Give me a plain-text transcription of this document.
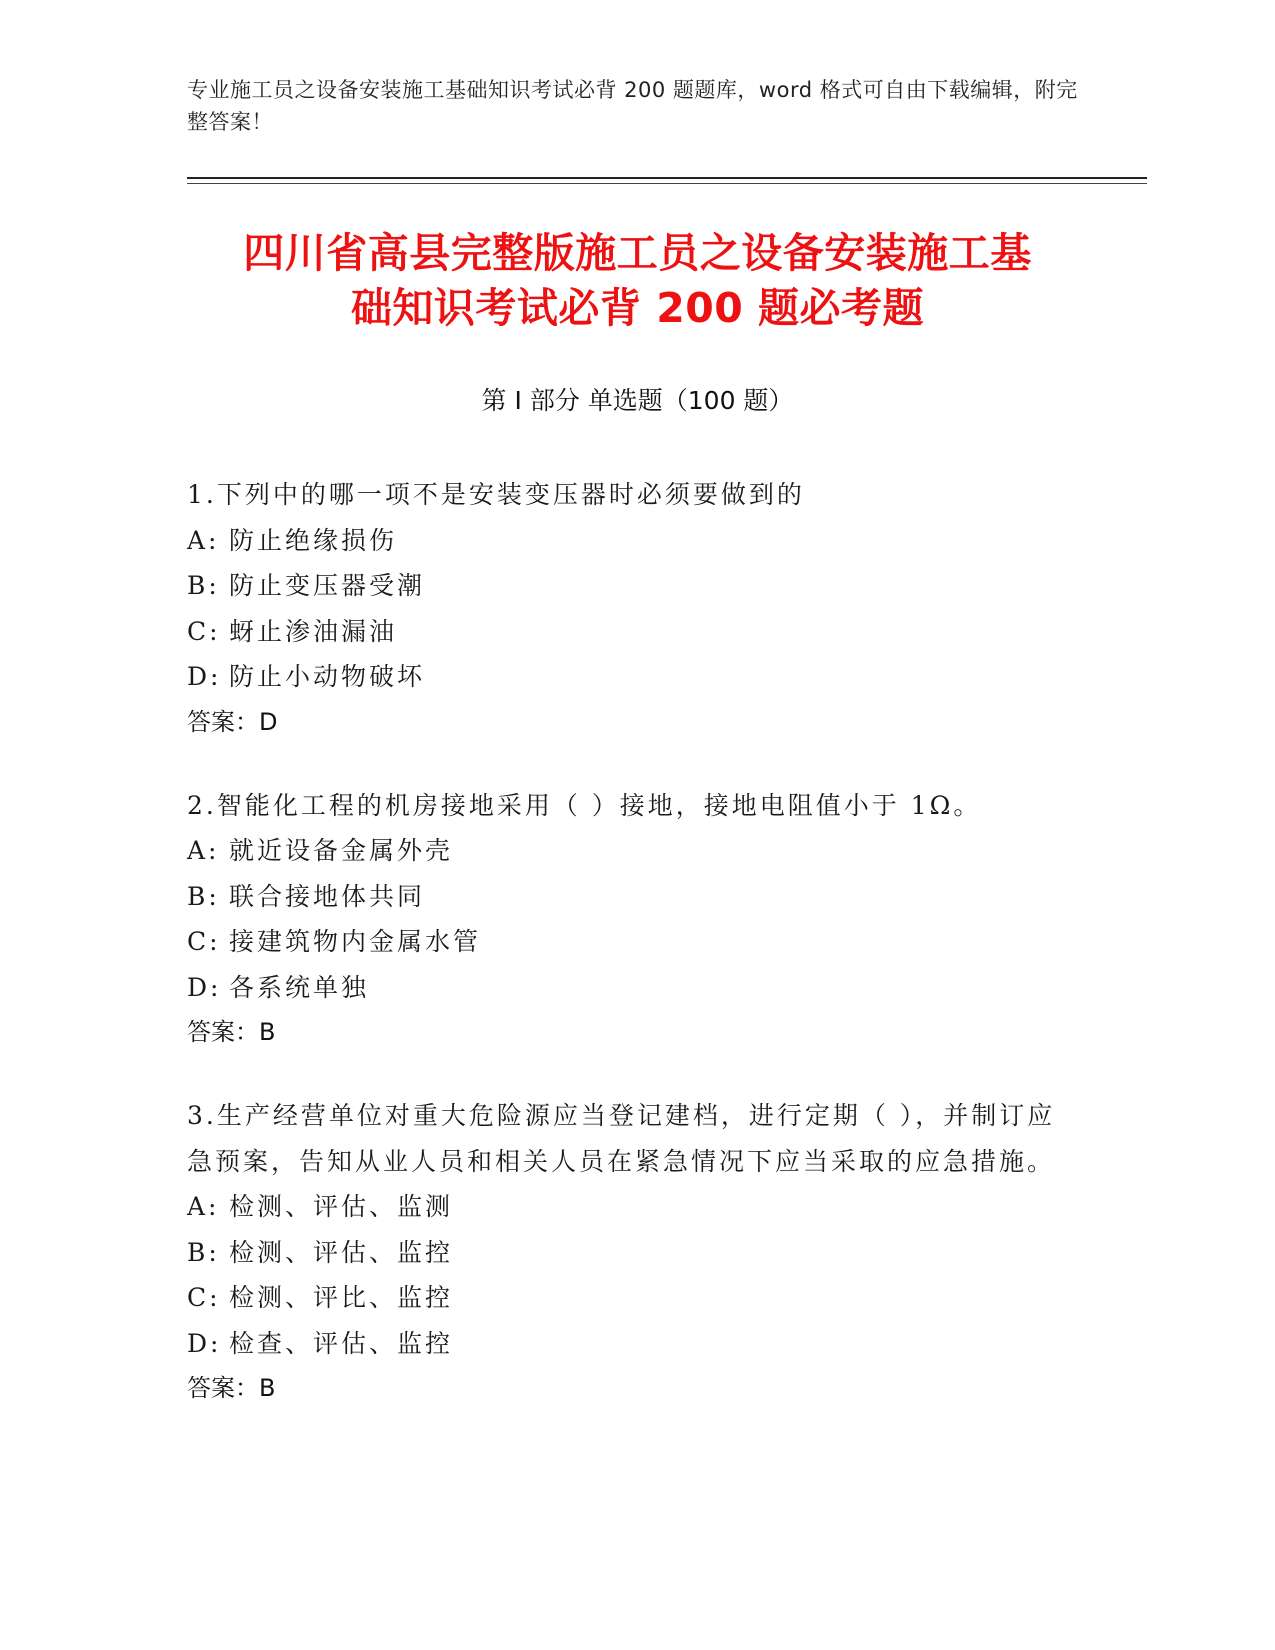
专业施工员之设备安装施工基础知识考试必背 200 题题库，word 格式可自由下载编辑，附完整答案！
四川省高县完整版施工员之设备安装施工基
础知识考试必背 200 题必考题
第 I 部分 单选题（100 题）
1.下列中的哪一项不是安装变压器时必须要做到的
A: 防止绝缘损伤
B: 防止变压器受潮
C: 蚜止渗油漏油
D: 防止小动物破坏
答案：D
2.智能化工程的机房接地采用（ ）接地，接地电阻值小于 1Ω。
A: 就近设备金属外壳
B: 联合接地体共同
C: 接建筑物内金属水管
D: 各系统单独
答案：B
3.生产经营单位对重大危险源应当登记建档，进行定期（ ），并制订应急预案，告知从业人员和相关人员在紧急情况下应当采取的应急措施。
A: 检测、评估、监测
B: 检测、评估、监控
C: 检测、评比、监控
D: 检查、评估、监控
答案：B
